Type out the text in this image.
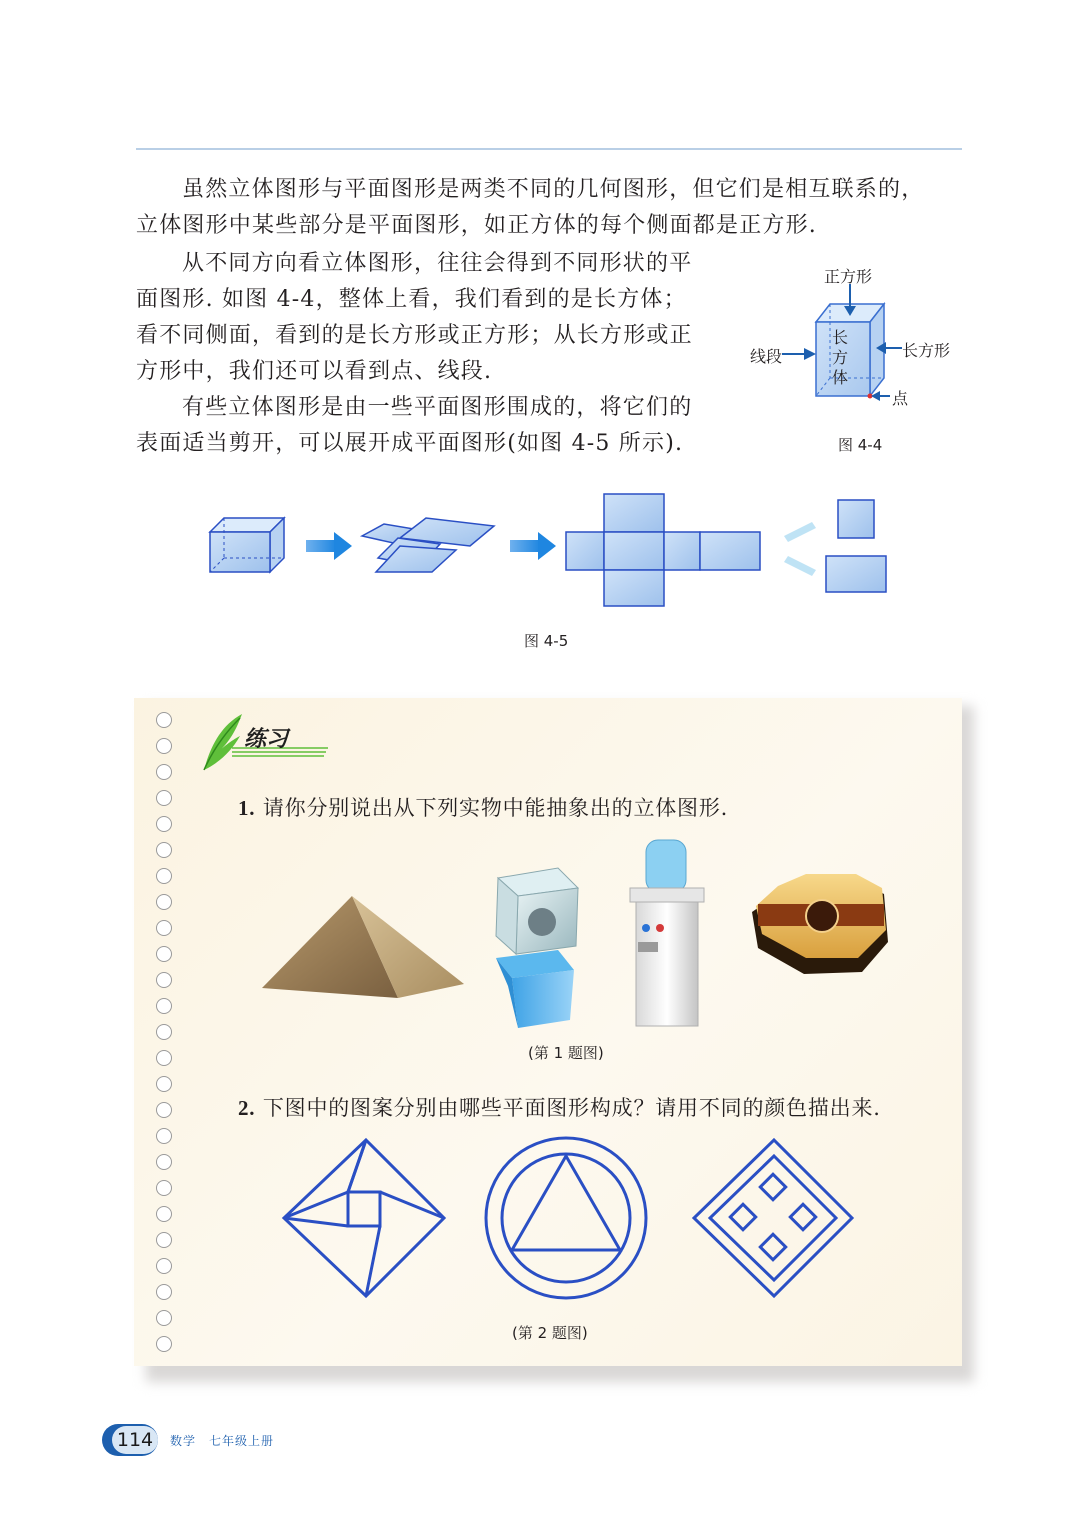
虽然立体图形与平面图形是两类不同的几何图形，但它们是相互联系的，
立体图形中某些部分是平面图形，如正方体的每个侧面都是正方形.
从不同方向看立体图形，往往会得到不同形状的平
面图形. 如图 4-4，整体上看，我们看到的是长方体；
看不同侧面，看到的是长方形或正方形；从长方形或正
方形中，我们还可以看到点、线段.
有些立体图形是由一些平面图形围成的，将它们的
表面适当剪开，可以展开成平面图形(如图 4-5 所示).
正方形
长方形
线段
点
长
方
体
图 4-4
图 4-5
练习
1. 请你分别说出从下列实物中能抽象出的立体图形.
(第 1 题图)
2. 下图中的图案分别由哪些平面图形构成？请用不同的颜色描出来.
(第 2 题图)
114	数学　七年级上册
